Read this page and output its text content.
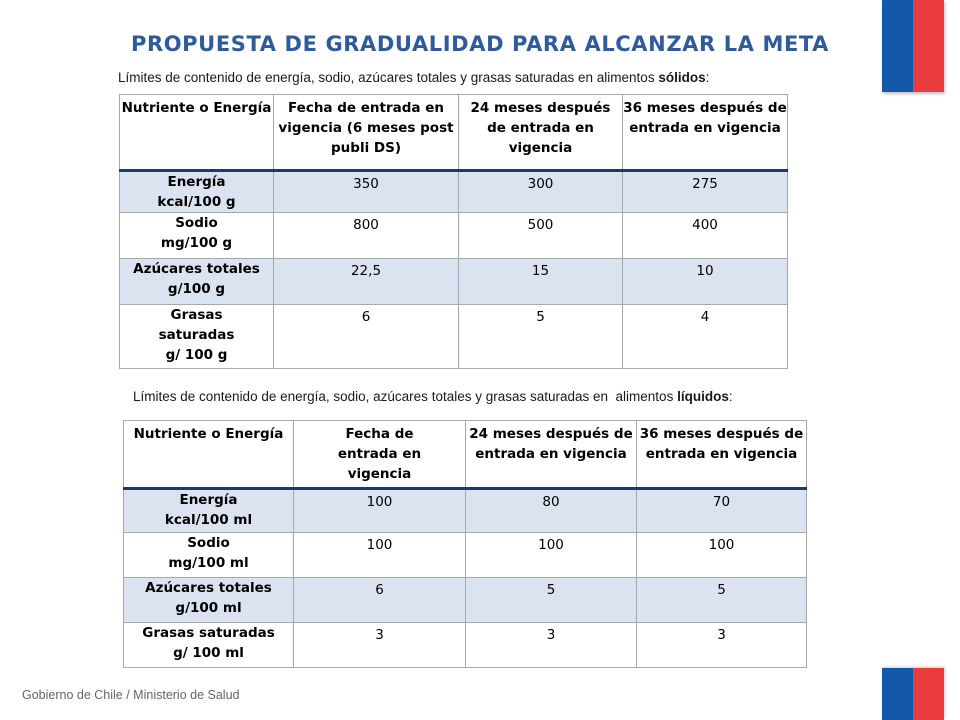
PROPUESTA DE GRADUALIDAD PARA ALCANZAR LA META
Límites de contenido de energía, sodio, azúcares totales y grasas saturadas en alimentos sólidos:
Nutriente o Energía	Fecha de entrada en vigencia (6 meses post publi DS)	24 meses después de entrada en vigencia	36 meses después de entrada en vigencia

Energía
kcal/100 g	350	300	275

Sodio
mg/100 g	800	500	400

Azúcares totales
g/100 g	22,5	15	10

Grasas saturadas
g/ 100 g	6	5	4
Límites de contenido de energía, sodio, azúcares totales y grasas saturadas en  alimentos líquidos:
Nutriente o Energía	Fecha de entrada en vigencia	24 meses después de entrada en vigencia	36 meses después de entrada en vigencia

Energía
kcal/100 ml	100	80	70

Sodio
mg/100 ml	100	100	100

Azúcares totales
g/100 ml	6	5	5

Grasas saturadas
g/ 100 ml	3	3	3
Gobierno de Chile / Ministerio de Salud
